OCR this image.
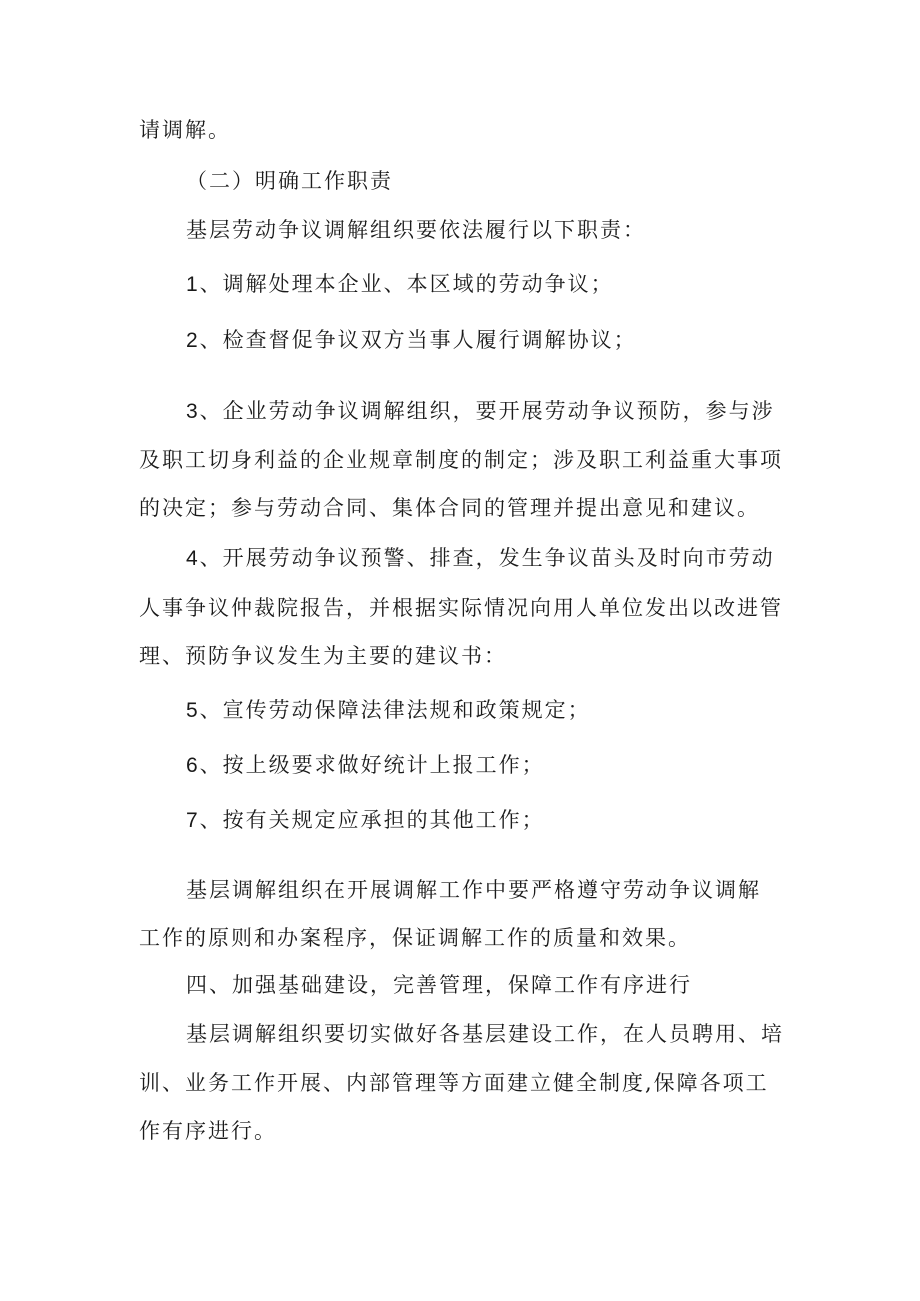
请调解。

（二）明确工作职责

基层劳动争议调解组织要依法履行以下职责：

1、调解处理本企业、本区域的劳动争议；

2、检查督促争议双方当事人履行调解协议；

3、企业劳动争议调解组织，要开展劳动争议预防，参与涉

及职工切身利益的企业规章制度的制定；涉及职工利益重大事项

的决定；参与劳动合同、集体合同的管理并提出意见和建议。

4、开展劳动争议预警、排查，发生争议苗头及时向市劳动

人事争议仲裁院报告，并根据实际情况向用人单位发出以改进管

理、预防争议发生为主要的建议书：

5、宣传劳动保障法律法规和政策规定；

6、按上级要求做好统计上报工作；

7、按有关规定应承担的其他工作；

基层调解组织在开展调解工作中要严格遵守劳动争议调解

工作的原则和办案程序，保证调解工作的质量和效果。

四、加强基础建设，完善管理，保障工作有序进行

基层调解组织要切实做好各基层建设工作，在人员聘用、培

训、业务工作开展、内部管理等方面建立健全制度,保障各项工

作有序进行。
